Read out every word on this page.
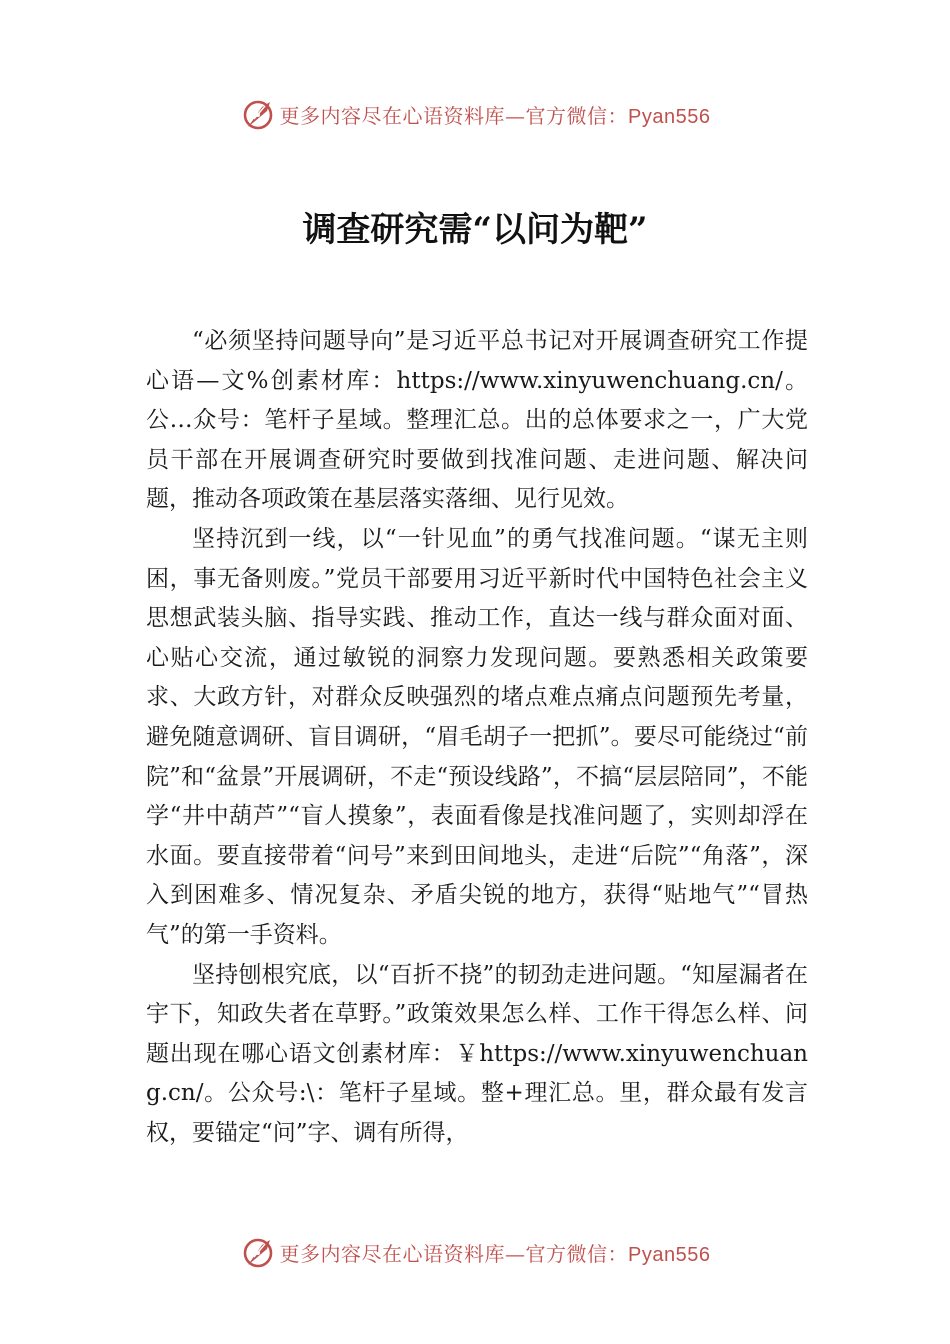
更多内容尽在心语资料库—官方微信：Pyan556
调查研究需“以问为靶”

“必须坚持问题导向”是习近平总书记对开展调查研究工作提心语—文%创素材库：https://www.xinyuwenchuang.cn/。公…众号：笔杆子星域。整理汇总。出的总体要求之一，广大党员干部在开展调查研究时要做到找准问题、走进问题、解决问题，推动各项政策在基层落实落细、见行见效。

坚持沉到一线，以“一针见血”的勇气找准问题。“谋无主则困，事无备则废。”党员干部要用习近平新时代中国特色社会主义思想武装头脑、指导实践、推动工作，直达一线与群众面对面、心贴心交流，通过敏锐的洞察力发现问题。要熟悉相关政策要求、大政方针，对群众反映强烈的堵点难点痛点问题预先考量，避免随意调研、盲目调研，“眉毛胡子一把抓”。要尽可能绕过“前院”和“盆景”开展调研，不走“预设线路”，不搞“层层陪同”，不能学“井中葫芦”“盲人摸象”，表面看像是找准问题了，实则却浮在水面。要直接带着“问号”来到田间地头，走进“后院”“角落”，深入到困难多、情况复杂、矛盾尖锐的地方，获得“贴地气”“冒热气”的第一手资料。

坚持刨根究底，以“百折不挠”的韧劲走进问题。“知屋漏者在宇下，知政失者在草野。”政策效果怎么样、工作干得怎么样、问题出现在哪心语文创素材库：￥https://www.xinyuwenchuang.cn/。公众号:\：笔杆子星域。整+理汇总。里，群众最有发言权，要锚定“问”字、调有所得，

更多内容尽在心语资料库—官方微信：Pyan556
